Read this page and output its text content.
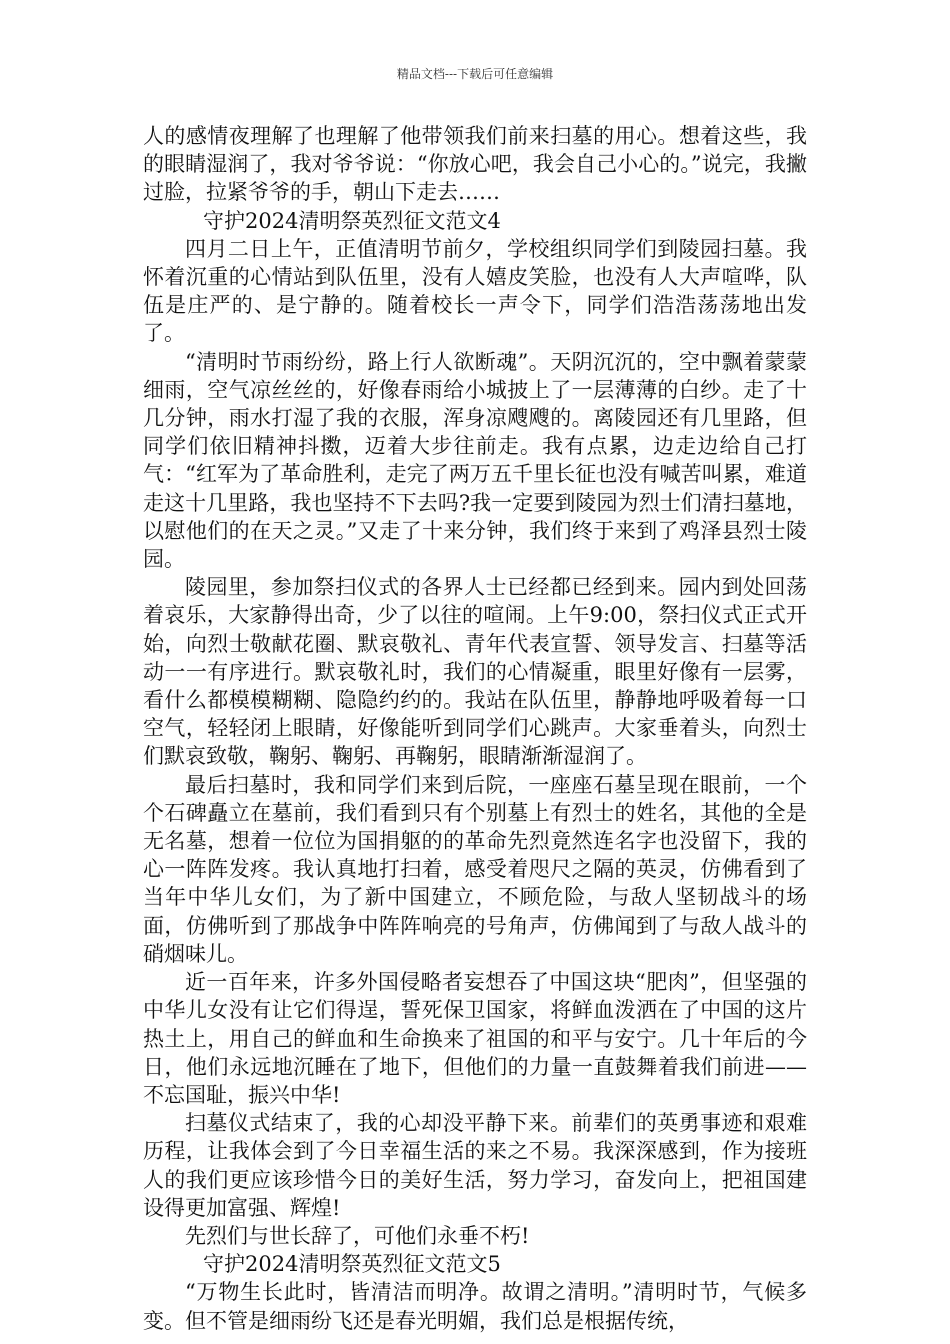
精品文档---下载后可任意编辑

人的感情夜理解了也理解了他带领我们前来扫墓的用心。想着这些，我的眼睛湿润了，我对爷爷说：“你放心吧，我会自己小心的。”说完，我撇过脸，拉紧爷爷的手，朝山下走去……

守护2024清明祭英烈征文范文4

四月二日上午，正值清明节前夕，学校组织同学们到陵园扫墓。我怀着沉重的心情站到队伍里，没有人嬉皮笑脸，也没有人大声喧哗，队伍是庄严的、是宁静的。随着校长一声令下，同学们浩浩荡荡地出发了。

“清明时节雨纷纷，路上行人欲断魂”。天阴沉沉的，空中飘着蒙蒙细雨，空气凉丝丝的，好像春雨给小城披上了一层薄薄的白纱。走了十几分钟，雨水打湿了我的衣服，浑身凉飕飕的。离陵园还有几里路，但同学们依旧精神抖擞，迈着大步往前走。我有点累，边走边给自己打气：“红军为了革命胜利，走完了两万五千里长征也没有喊苦叫累，难道走这十几里路，我也坚持不下去吗?我一定要到陵园为烈士们清扫墓地，以慰他们的在天之灵。”又走了十来分钟，我们终于来到了鸡泽县烈士陵园。

陵园里，参加祭扫仪式的各界人士已经都已经到来。园内到处回荡着哀乐，大家静得出奇，少了以往的喧闹。上午9:00，祭扫仪式正式开始，向烈士敬献花圈、默哀敬礼、青年代表宣誓、领导发言、扫墓等活动一一有序进行。默哀敬礼时，我们的心情凝重，眼里好像有一层雾，看什么都模模糊糊、隐隐约约的。我站在队伍里，静静地呼吸着每一口空气，轻轻闭上眼睛，好像能听到同学们心跳声。大家垂着头，向烈士们默哀致敬，鞠躬、鞠躬、再鞠躬，眼睛渐渐湿润了。

最后扫墓时，我和同学们来到后院，一座座石墓呈现在眼前，一个个石碑矗立在墓前，我们看到只有个别墓上有烈士的姓名，其他的全是无名墓，想着一位位为国捐躯的的革命先烈竟然连名字也没留下，我的心一阵阵发疼。我认真地打扫着，感受着咫尺之隔的英灵，仿佛看到了当年中华儿女们，为了新中国建立，不顾危险，与敌人坚韧战斗的场面，仿佛听到了那战争中阵阵响亮的号角声，仿佛闻到了与敌人战斗的硝烟味儿。

近一百年来，许多外国侵略者妄想吞了中国这块“肥肉”，但坚强的中华儿女没有让它们得逞，誓死保卫国家，将鲜血泼洒在了中国的这片热土上，用自己的鲜血和生命换来了祖国的和平与安宁。几十年后的今日，他们永远地沉睡在了地下，但他们的力量一直鼓舞着我们前进——不忘国耻，振兴中华!

扫墓仪式结束了，我的心却没平静下来。前辈们的英勇事迹和艰难历程，让我体会到了今日幸福生活的来之不易。我深深感到，作为接班人的我们更应该珍惜今日的美好生活，努力学习，奋发向上，把祖国建设得更加富强、辉煌!

先烈们与世长辞了，可他们永垂不朽!

守护2024清明祭英烈征文范文5

“万物生长此时，皆清洁而明净。故谓之清明。”清明时节，气候多变。但不管是细雨纷飞还是春光明媚，我们总是根据传统，
